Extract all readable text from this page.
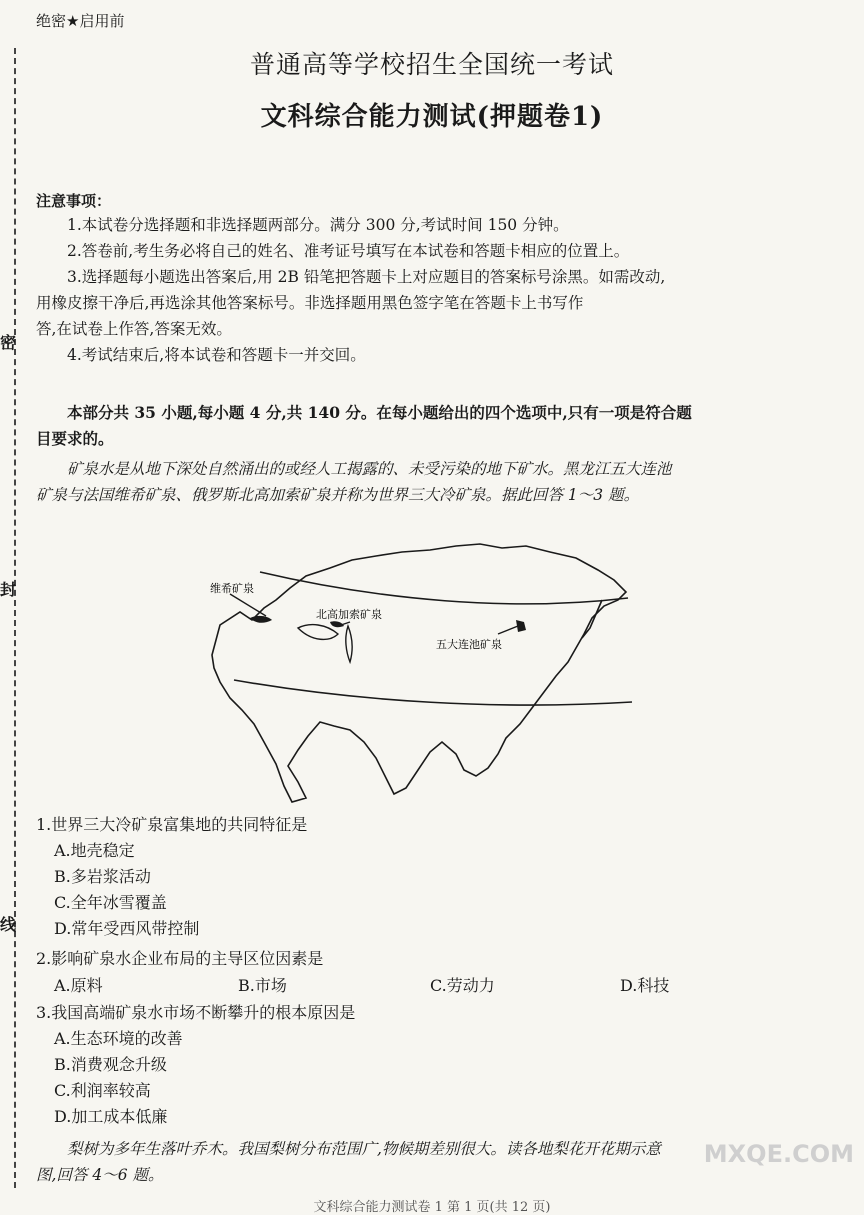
密
封
线
绝密★启用前
普通高等学校招生全国统一考试
文科综合能力测试(押题卷1)
注意事项：

1.本试卷分选择题和非选择题两部分。满分 300 分,考试时间 150 分钟。

2.答卷前,考生务必将自己的姓名、准考证号填写在本试卷和答题卡相应的位置上。

3.选择题每小题选出答案后,用 2B 铅笔把答题卡上对应题目的答案标号涂黑。如需改动,

用橡皮擦干净后,再选涂其他答案标号。非选择题用黑色签字笔在答题卡上书写作

答,在试卷上作答,答案无效。

4.考试结束后,将本试卷和答题卡一并交回。

本部分共 35 小题,每小题 4 分,共 140 分。在每小题给出的四个选项中,只有一项是符合题

目要求的。

矿泉水是从地下深处自然涌出的或经人工揭露的、未受污染的地下矿水。黑龙江五大连池

矿泉与法国维希矿泉、俄罗斯北高加索矿泉并称为世界三大冷矿泉。据此回答 1～3 题。

维希矿泉
北高加索矿泉
五大连池矿泉
1.世界三大冷矿泉富集地的共同特征是
A.地壳稳定
B.多岩浆活动
C.全年冰雪覆盖
D.常年受西风带控制
2.影响矿泉水企业布局的主导区位因素是
A.原料	B.市场	C.劳动力	D.科技
3.我国高端矿泉水市场不断攀升的根本原因是
A.生态环境的改善
B.消费观念升级
C.利润率较高
D.加工成本低廉

梨树为多年生落叶乔木。我国梨树分布范围广,物候期差别很大。读各地梨花开花期示意

图,回答 4～6 题。

文科综合能力测试卷 1 第 1 页(共 12 页)
MXQE.COM
